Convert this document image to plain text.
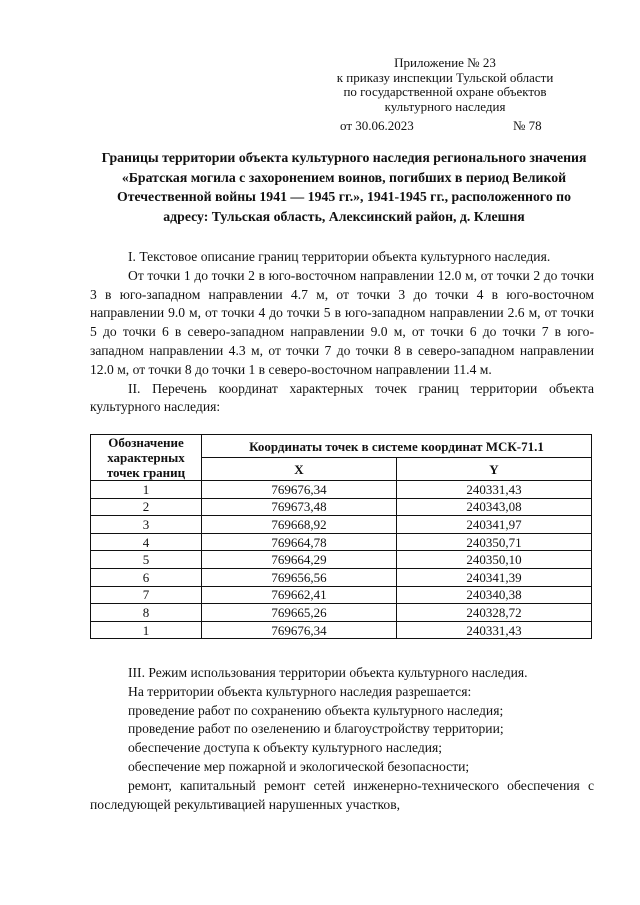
Приложение № 23
к приказу инспекции Тульской области
по государственной охране объектов
культурного наследия
от 30.06.2023	№ 78
Границы территории объекта культурного наследия регионального значения «Братская могила с захоронением воинов, погибших в период Великой Отечественной войны 1941 — 1945 гг.», 1941-1945 гг., расположенного по адресу: Тульская область, Алексинский район, д. Клешня

I. Текстовое описание границ территории объекта культурного наследия.

От точки 1 до точки 2 в юго-восточном направлении 12.0 м, от точки 2 до точки 3 в юго-западном направлении 4.7 м, от точки 3 до точки 4 в юго-восточном направлении 9.0 м, от точки 4 до точки 5 в юго-западном направлении 2.6 м, от точки 5 до точки 6 в северо-западном направлении 9.0 м, от точки 6 до точки 7 в юго-западном направлении 4.3 м, от точки 7 до точки 8 в северо-западном направлении 12.0 м, от точки 8 до точки 1 в северо-восточном направлении 11.4 м.

II. Перечень координат характерных точек границ территории объекта культурного наследия:

Обозначение характерных точек границ	Координаты точек в системе координат МСК-71.1	
	X	Y
1	769676,34	240331,43
2	769673,48	240343,08
3	769668,92	240341,97
4	769664,78	240350,71
5	769664,29	240350,10
6	769656,56	240341,39
7	769662,41	240340,38
8	769665,26	240328,72
1	769676,34	240331,43

III. Режим использования территории объекта культурного наследия.

На территории объекта культурного наследия разрешается:

проведение работ по сохранению объекта культурного наследия;

проведение работ по озеленению и благоустройству территории;

обеспечение доступа к объекту культурного наследия;

обеспечение мер пожарной и экологической безопасности;

ремонт, капитальный ремонт сетей инженерно-технического обеспечения с последующей рекультивацией нарушенных участков,
